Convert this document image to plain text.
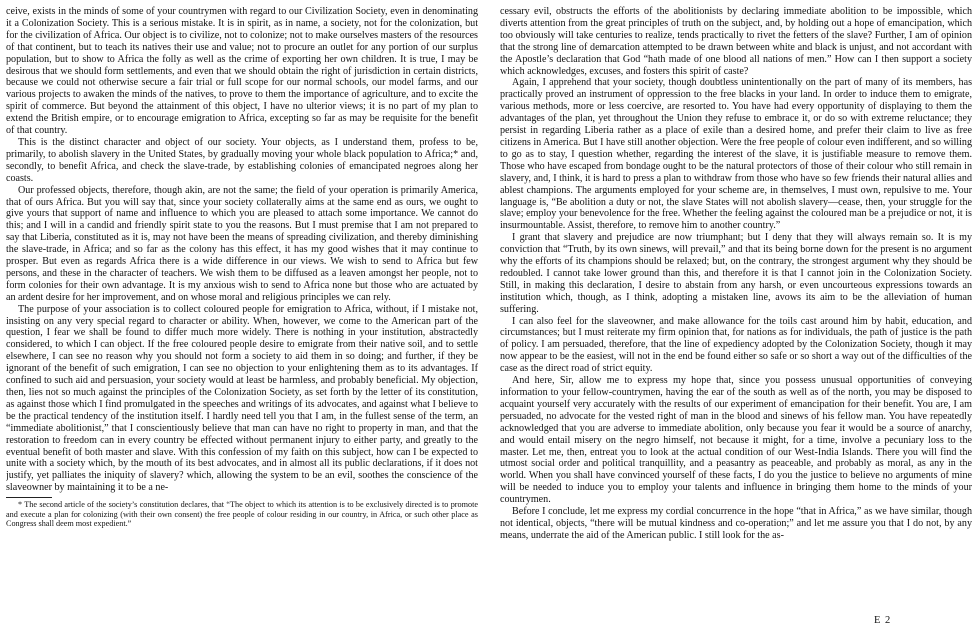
ceive, exists in the minds of some of your countrymen with regard to our Civilization Society, even in denominating it a Colonization Society. This is a serious mistake. It is in spirit, as in name, a society, not for the colonization, but for the civilization of Africa. Our object is to civilize, not to colonize; not to make ourselves masters of the resources of that continent, but to teach its natives their use and value; not to procure an outlet for any portion of our surplus population, but to show to Africa the folly as well as the crime of exporting her own children. It is true, I may be desirous that we should form settlements, and even that we should obtain the right of jurisdiction in certain districts, because we could not otherwise secure a fair trial or full scope for our normal schools, our model farms, and our various projects to awaken the minds of the natives, to prove to them the importance of agriculture, and to excite the spirit of commerce. But beyond the attainment of this object, I have no ulterior views; it is no part of my plan to extend the British empire, or to encourage emigration to Africa, excepting so far as may be requisite for the benefit of that country.

This is the distinct character and object of our society. Your objects, as I understand them, profess to be, primarily, to abolish slavery in the United States, by gradually moving your whole black population to Africa;* and, secondly, to benefit Africa, and check the slave-trade, by establishing colonies of emancipated negroes along her coasts.

Our professed objects, therefore, though akin, are not the same; the field of your operation is primarily America, that of ours Africa. But you will say that, since your society collaterally aims at the same end as ours, we ought to give yours that support of name and influence to which you are pleased to attach some importance. We cannot do this; and I will in a candid and friendly spirit state to you the reasons. But I must premise that I am not prepared to say that Liberia, constituted as it is, may not have been the means of spreading civilization, and thereby diminishing the slave-trade, in Africa; and so far as the colony has this effect, it has my good wishes that it may continue to prosper. But even as regards Africa there is a wide difference in our views. We wish to send to Africa but few persons, and these in the character of teachers. We wish them to be diffused as a leaven amongst her people, not to form colonies for their own advantage. It is my anxious wish to send to Africa none but those who are actuated by an ardent desire for her improvement, and on whose moral and religious principles we can rely.

The purpose of your association is to collect coloured people for emigration to Africa, without, if I mistake not, insisting on any very special regard to character or ability. When, however, we come to the American part of the question, I fear we shall be found to differ much more widely. There is nothing in your institution, abstractedly considered, to which I can object. If the free coloured people desire to emigrate from their native soil, and to settle elsewhere, I can see no reason why you should not form a society to aid them in so doing; and further, if they be ignorant of the benefit of such emigration, I can see no objection to your enlightening them as to its advantages. If confined to such aid and persuasion, your society would at least be harmless, and probably beneficial. My objection, then, lies not so much against the principles of the Colonization Society, as set forth by the letter of its constitution, as against those which I find promulgated in the speeches and writings of its advocates, and against what I believe to be the practical tendency of the institution itself. I hardly need tell you that I am, in the fullest sense of the term, an “immediate abolitionist,” that I conscientiously believe that man can have no right to property in man, and that the restoration to freedom can in every country be effected without permanent injury to either party, and greatly to the eventual benefit of both master and slave. With this confession of my faith on this subject, how can I be expected to unite with a society which, by the mouth of its best advocates, and in almost all its public declarations, if it does not justify, yet palliates the iniquity of slavery? which, allowing the system to be an evil, soothes the conscience of the slaveowner by maintaining it to be a ne-

* The second article of the society’s constitution declares, that “The object to which its attention is to be exclusively directed is to promote and execute a plan for colonizing (with their own consent) the free people of colour residing in our country, in Africa, or such other place as Congress shall deem most expedient.”

cessary evil, obstructs the efforts of the abolitionists by declaring immediate abolition to be impossible, which diverts attention from the great principles of truth on the subject, and, by holding out a hope of emancipation, which too obviously will take centuries to realize, tends practically to rivet the fetters of the slave? Further, I am of opinion that the strong line of demarcation attempted to be drawn between white and black is unjust, and not accordant with the Apostle’s declaration that God “hath made of one blood all nations of men.” How can I then support a society which acknowledges, excuses, and fosters this spirit of caste?

Again, I apprehend that your society, though doubtless unintentionally on the part of many of its members, has practically proved an instrument of oppression to the free blacks in your land. In order to induce them to emigrate, various methods, more or less coercive, are resorted to. You have had every opportunity of displaying to them the advantages of the plan, yet throughout the Union they refuse to embrace it, or do so with extreme reluctance; they persist in regarding Liberia rather as a place of exile than a desired home, and prefer their claim to live as free citizens in America. But I have still another objection. Were the free people of colour even indifferent, and so willing to go as to stay, I question whether, regarding the interest of the slave, it is justifiable measure to remove them. Those who have escaped from bondage ought to be the natural protectors of those of their colour who still remain in slavery, and, I think, it is hard to press a plan to withdraw from those who have so few friends their natural allies and ablest champions. The arguments employed for your scheme are, in themselves, I must own, repulsive to me. Your language is, “Be abolition a duty or not, the slave States will not abolish slavery—cease, then, your struggle for the slave; employ your benevolence for the free. Whether the feeling against the coloured man be a prejudice or not, it is insurmountable. Assist, therefore, to remove him to another country.”

I grant that slavery and prejudice are now triumphant; but I deny that they will always remain so. It is my conviction that “Truth, by its own sinews, will prevail,” and that its being borne down for the present is no argument why the efforts of its champions should be relaxed; but, on the contrary, the strongest argument why they should be redoubled. I cannot take lower ground than this, and therefore it is that I cannot join in the Colonization Society. Still, in making this declaration, I desire to abstain from any harsh, or even uncourteous expressions towards an institution which, though, as I think, adopting a mistaken line, avows its aim to be the alleviation of human suffering.

I can also feel for the slaveowner, and make allowance for the toils cast around him by habit, education, and circumstances; but I must reiterate my firm opinion that, for nations as for individuals, the path of justice is the path of policy. I am persuaded, therefore, that the line of expediency adopted by the Colonization Society, though it may now appear to be the easiest, will not in the end be found either so safe or so short a way out of the difficulties of the case as the direct road of strict equity.

And here, Sir, allow me to express my hope that, since you possess unusual opportunities of conveying information to your fellow-countrymen, having the ear of the south as well as of the north, you may be disposed to acquaint yourself very accurately with the results of our experiment of emancipation for their benefit. You are, I am persuaded, no advocate for the vested right of man in the blood and sinews of his fellow man. You have repeatedly acknowledged that you are adverse to immediate abolition, only because you fear it would be a source of anarchy, and would entail misery on the negro himself, not because it might, for a time, involve a pecuniary loss to the master. Let me, then, entreat you to look at the actual condition of our West-India Islands. There you will find the utmost social order and political tranquillity, and a peasantry as peaceable, and probably as moral, as any in the world. When you shall have convinced yourself of these facts, I do you the justice to believe no arguments of mine will be needed to induce you to employ your talents and influence in bringing them home to the minds of your countrymen.

Before I conclude, let me express my cordial concurrence in the hope “that in Africa,” as we have similar, though not identical, objects, “there will be mutual kindness and co-operation;” and let me assure you that I do not, by any means, underrate the aid of the American public. I still look for the as-

E 2
